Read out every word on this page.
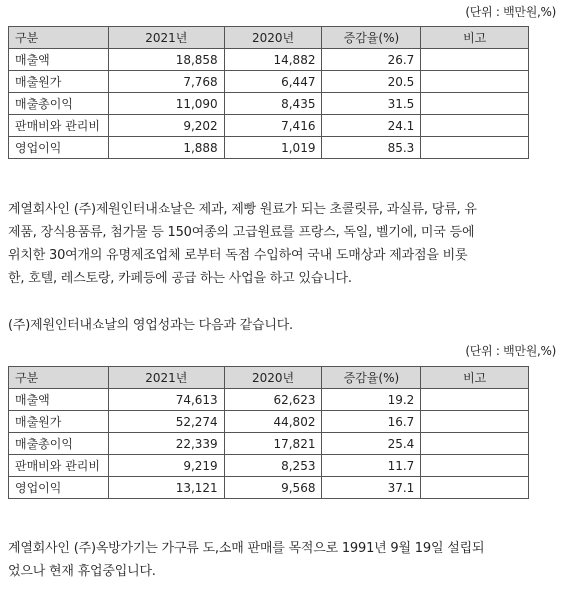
(단위 : 백만원,%)
구분	2021년	2020년	증감율(%)	비고
매출액	18,858	14,882	26.7	
매출원가	7,768	6,447	20.5	
매출총이익	11,090	8,435	31.5	
판매비와 관리비	9,202	7,416	24.1	
영업이익	1,888	1,019	85.3	
계열회사인 (주)제원인터내쇼날은 제과, 제빵 원료가 되는 초콜릿류, 과실류, 당류, 유
제품, 장식용품류, 첨가물 등 150여종의 고급원료를 프랑스, 독일, 벨기에, 미국 등에
위치한 30여개의 유명제조업체 로부터 독점 수입하여 국내 도매상과 제과점을 비롯
한, 호텔, 레스토랑, 카페등에 공급 하는 사업을 하고 있습니다.
(주)제원인터내쇼날의 영업성과는 다음과 같습니다.
(단위 : 백만원,%)
구분	2021년	2020년	증감율(%)	비고
매출액	74,613	62,623	19.2	
매출원가	52,274	44,802	16.7	
매출총이익	22,339	17,821	25.4	
판매비와 관리비	9,219	8,253	11.7	
영업이익	13,121	9,568	37.1	
계열회사인 (주)옥방가기는 가구류 도,소매 판매를 목적으로 1991년 9월 19일 설립되
었으나 현재 휴업중입니다.
